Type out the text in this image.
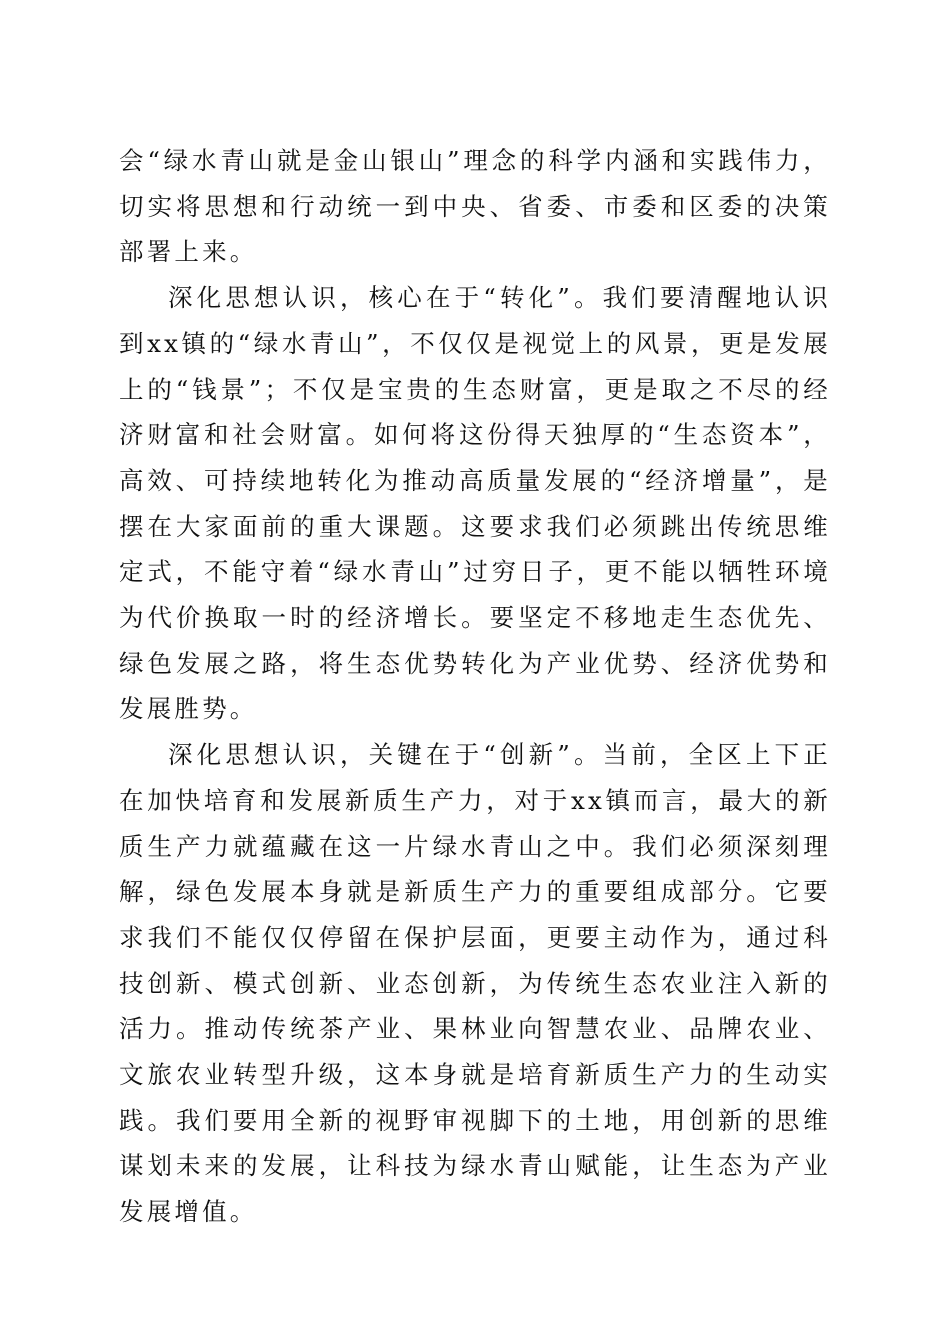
会“绿水青山就是金山银山”理念的科学内涵和实践伟力，切实将思想和行动统一到中央、省委、市委和区委的决策部署上来。

深化思想认识，核心在于“转化”。我们要清醒地认识到xx镇的“绿水青山”，不仅仅是视觉上的风景，更是发展上的“钱景”；不仅是宝贵的生态财富，更是取之不尽的经济财富和社会财富。如何将这份得天独厚的“生态资本”，高效、可持续地转化为推动高质量发展的“经济增量”，是摆在大家面前的重大课题。这要求我们必须跳出传统思维定式，不能守着“绿水青山”过穷日子，更不能以牺牲环境为代价换取一时的经济增长。要坚定不移地走生态优先、绿色发展之路，将生态优势转化为产业优势、经济优势和发展胜势。

深化思想认识，关键在于“创新”。当前，全区上下正在加快培育和发展新质生产力，对于xx镇而言，最大的新质生产力就蕴藏在这一片绿水青山之中。我们必须深刻理解，绿色发展本身就是新质生产力的重要组成部分。它要求我们不能仅仅停留在保护层面，更要主动作为，通过科技创新、模式创新、业态创新，为传统生态农业注入新的活力。推动传统茶产业、果林业向智慧农业、品牌农业、文旅农业转型升级，这本身就是培育新质生产力的生动实践。我们要用全新的视野审视脚下的土地，用创新的思维谋划未来的发展，让科技为绿水青山赋能，让生态为产业发展增值。
